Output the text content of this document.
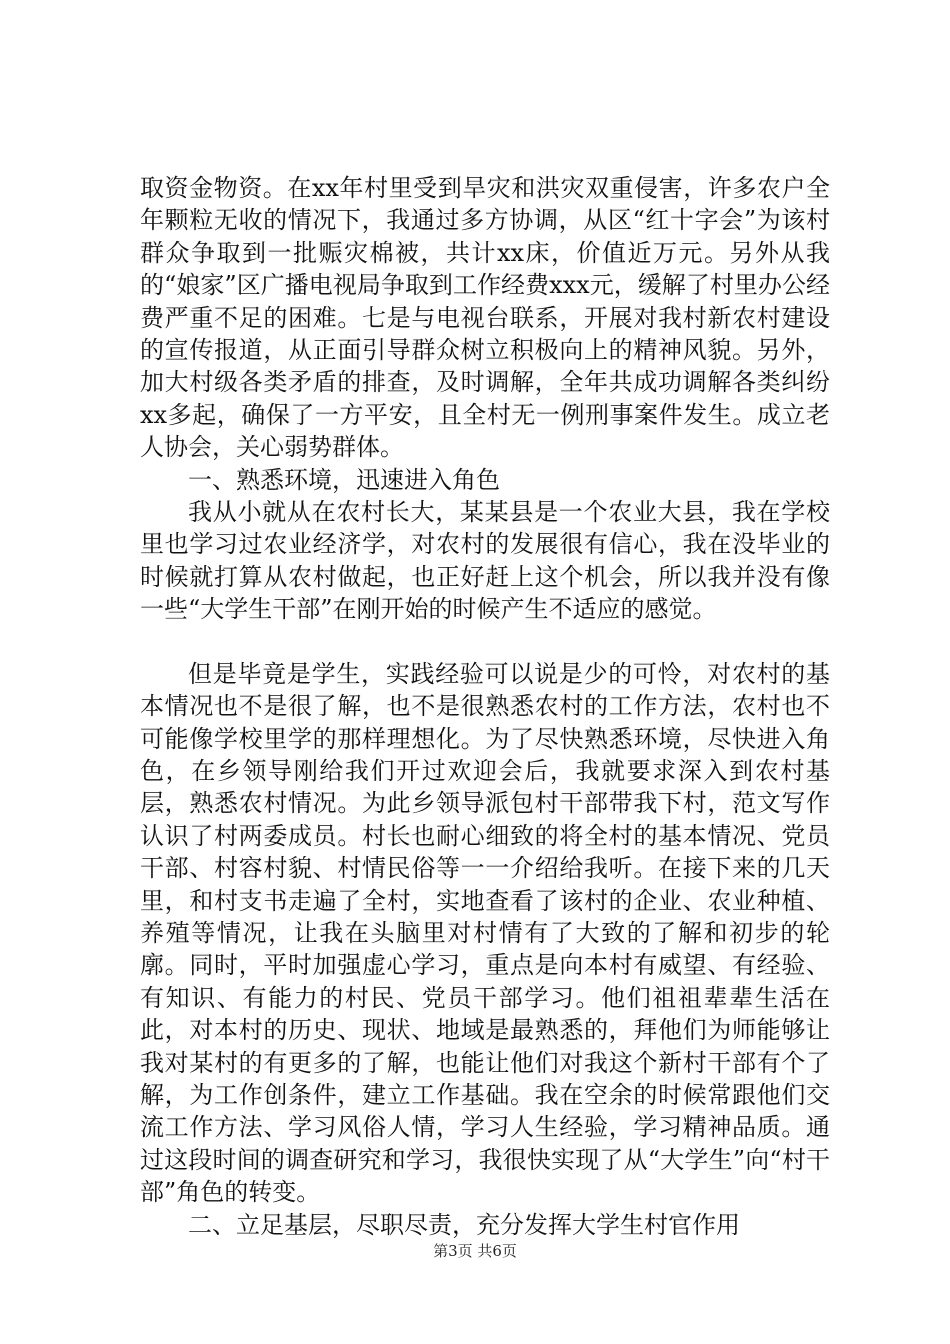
取资金物资。在xx年村里受到旱灾和洪灾双重侵害，许多农户全年颗粒无收的情况下，我通过多方协调，从区“红十字会”为该村群众争取到一批赈灾棉被，共计xx床，价值近万元。另外从我的“娘家”区广播电视局争取到工作经费xxx元，缓解了村里办公经费严重不足的困难。七是与电视台联系，开展对我村新农村建设的宣传报道，从正面引导群众树立积极向上的精神风貌。另外，加大村级各类矛盾的排查，及时调解，全年共成功调解各类纠纷xx多起，确保了一方平安，且全村无一例刑事案件发生。成立老人协会，关心弱势群体。

一、熟悉环境，迅速进入角色

我从小就从在农村长大，某某县是一个农业大县，我在学校里也学习过农业经济学，对农村的发展很有信心，我在没毕业的时候就打算从农村做起，也正好赶上这个机会，所以我并没有像一些“大学生干部”在刚开始的时候产生不适应的感觉。

但是毕竟是学生，实践经验可以说是少的可怜，对农村的基本情况也不是很了解，也不是很熟悉农村的工作方法，农村也不可能像学校里学的那样理想化。为了尽快熟悉环境，尽快进入角色，在乡领导刚给我们开过欢迎会后，我就要求深入到农村基层，熟悉农村情况。为此乡领导派包村干部带我下村，范文写作认识了村两委成员。村长也耐心细致的将全村的基本情况、党员干部、村容村貌、村情民俗等一一介绍给我听。在接下来的几天里，和村支书走遍了全村，实地查看了该村的企业、农业种植、养殖等情况，让我在头脑里对村情有了大致的了解和初步的轮廓。同时，平时加强虚心学习，重点是向本村有威望、有经验、有知识、有能力的村民、党员干部学习。他们祖祖辈辈生活在此，对本村的历史、现状、地域是最熟悉的，拜他们为师能够让我对某村的有更多的了解，也能让他们对我这个新村干部有个了解，为工作创条件，建立工作基础。我在空余的时候常跟他们交流工作方法、学习风俗人情，学习人生经验，学习精神品质。通过这段时间的调查研究和学习，我很快实现了从“大学生”向“村干部”角色的转变。

二、立足基层，尽职尽责，充分发挥大学生村官作用

第3页 共6页
